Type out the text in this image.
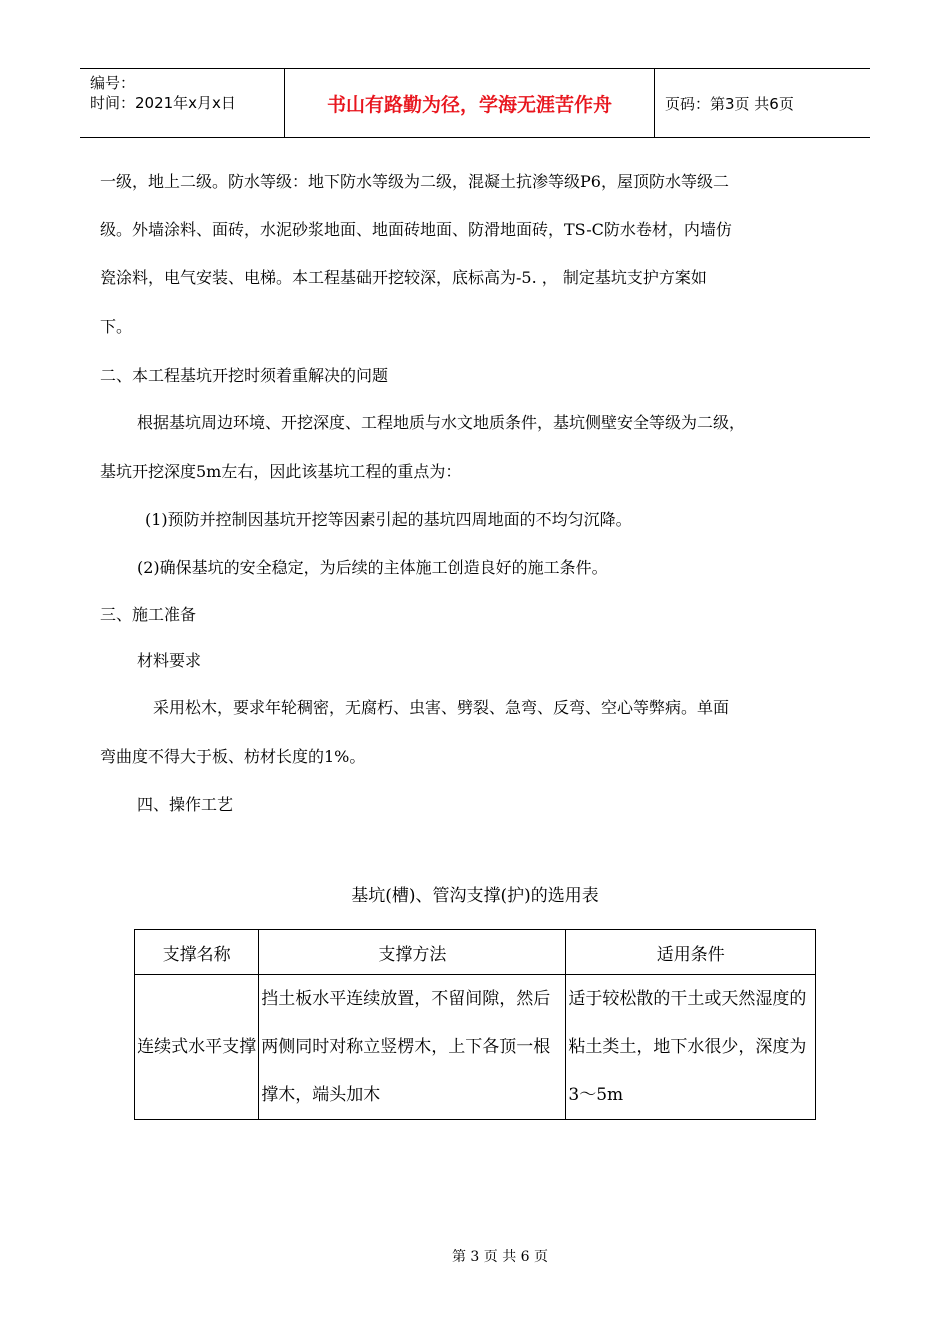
编号：
时间：2021年x月x日	书山有路勤为径，学海无涯苦作舟	页码：第3页 共6页
一级，地上二级。防水等级：地下防水等级为二级，混凝土抗渗等级P6，屋顶防水等级二
级。外墙涂料、面砖，水泥砂浆地面、地面砖地面、防滑地面砖，TS-C防水卷材，内墙仿
瓷涂料，电气安装、电梯。本工程基础开挖较深，底标高为-5. ， 制定基坑支护方案如
下。
二、本工程基坑开挖时须着重解决的问题
根据基坑周边环境、开挖深度、工程地质与水文地质条件，基坑侧壁安全等级为二级，
基坑开挖深度5m左右，因此该基坑工程的重点为：
(1)预防并控制因基坑开挖等因素引起的基坑四周地面的不均匀沉降。
(2)确保基坑的安全稳定，为后续的主体施工创造良好的施工条件。
三、施工准备
材料要求
采用松木，要求年轮稠密，无腐朽、虫害、劈裂、急弯、反弯、空心等弊病。单面
弯曲度不得大于板、枋材长度的1%。
四、操作工艺
基坑(槽)、管沟支撑(护)的选用表
支撑名称	支撑方法	适用条件
连续式水平支撑	挡土板水平连续放置，不留间隙，然后两侧同时对称立竖楞木，上下各顶一根撑木，端头加木	适于较松散的干土或天然湿度的粘土类土，地下水很少，深度为3～5m
第 3 页 共 6 页
